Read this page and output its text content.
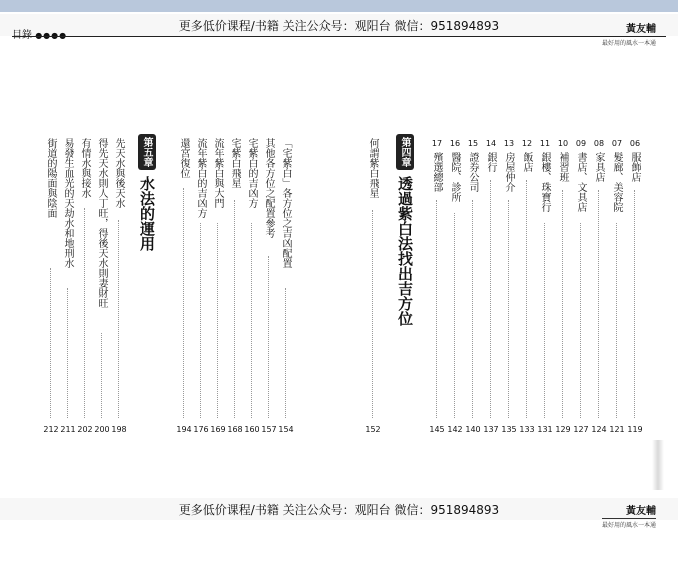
更多低价课程/书籍 关注公众号：观阳台 微信：951894893
目錄 ●●●●
黃友輔
最好用的風水一本通
街道的陽面與陰面
212
易發生血光的天劫水和地刑水
211
有情水與接水
202
得先天水則人丁旺，得後天水則妻財旺
200
先天水與後天水
198
第五章
水法的運用
還宮復位
194
流年紫白的吉凶方
176
流年紫白與大門
169
宅紫白飛星
168
宅紫白的吉凶方
160
其他各方位之配置參考
157
「宅紫白」各方位之吉凶配置
154
何謂紫白飛星
152
第四章
透過紫白法找出吉方位
17
殯選總部
145
16
醫院、診所
142
15
證券公司
140
14
銀行
137
13
房屋仲介
135
12
飯店
133
11
銀樓、珠寶行
131
10
補習班
129
09
書店、文具店
127
08
家具店
124
07
髮廊、美容院
121
06
服飾店
119
更多低价课程/书籍 关注公众号：观阳台 微信：951894893	黃友輔
最好用的風水一本通
